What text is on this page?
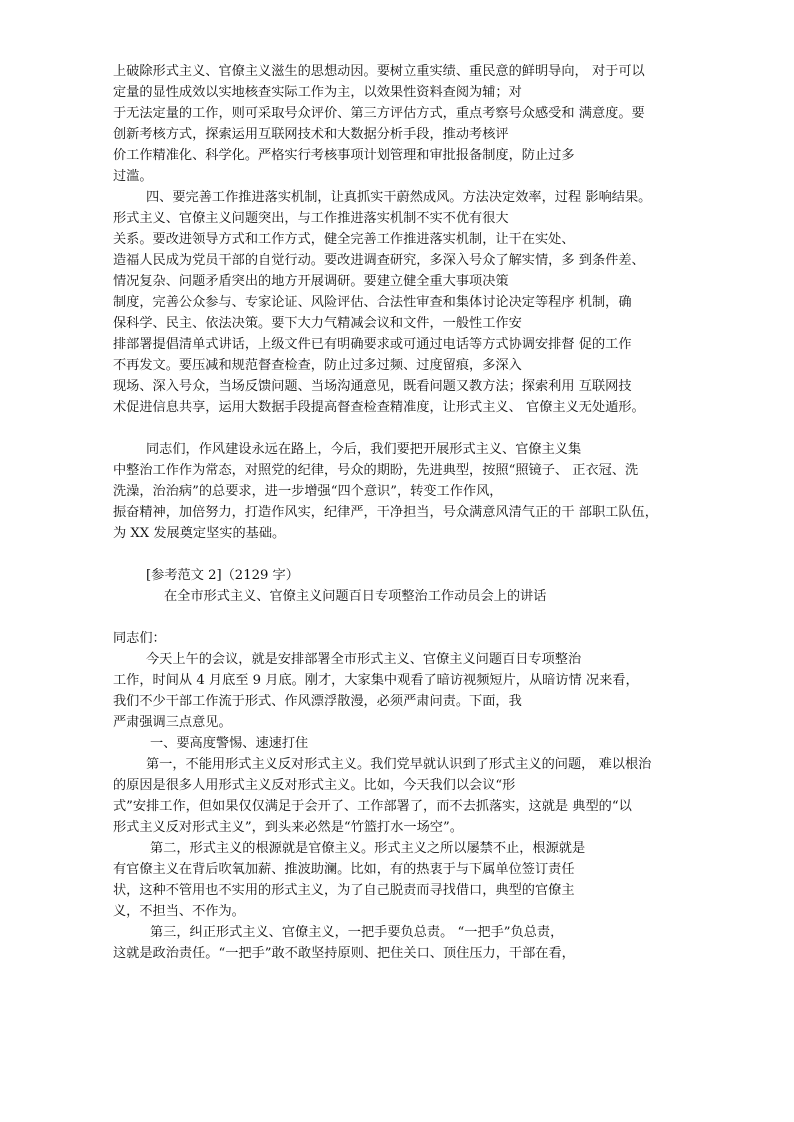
上破除形式主义、官僚主义滋生的思想动因。要树立重实绩、重民意的鲜明导向， 对于可以
定量的显性成效以实地核查实际工作为主，以效果性资料查阅为辅；对
于无法定量的工作，则可采取号众评价、第三方评估方式，重点考察号众感受和 满意度。要
创新考核方式，探索运用互联网技术和大数据分析手段，推动考核评
价工作精准化、科学化。严格实行考核事项计划管理和审批报备制度，防止过多
过滥。
四、要完善工作推进落实机制，让真抓实干蔚然成风。方法决定效率，过程 影响结果。
形式主义、官僚主义问题突出，与工作推进落实机制不实不优有很大
关系。要改进领导方式和工作方式，健全完善工作推进落实机制，让干在实处、
造福人民成为党员干部的自觉行动。要改进调查研究，多深入号众了解实情，多 到条件差、
情况复杂、问题矛盾突出的地方开展调研。要建立健全重大事项决策
制度，完善公众参与、专家论证、风险评估、合法性审查和集体讨论决定等程序 机制，确
保科学、民主、依法决策。要下大力气精减会议和文件，一般性工作安
排部署提倡清单式讲话，上级文件已有明确要求或可通过电话等方式协调安排督 促的工作
不再发文。要压减和规范督查检查，防止过多过频、过度留痕，多深入
现场、深入号众，当场反馈问题、当场沟通意见，既看问题又教方法；探索利用 互联网技
术促进信息共享，运用大数据手段提高督查检查精准度，让形式主义、 官僚主义无处遁形。
同志们，作风建设永远在路上，今后，我们要把开展形式主义、官僚主义集
中整治工作作为常态，对照党的纪律，号众的期盼，先进典型，按照“照镜子、 正衣冠、洗
洗澡，治治病”的总要求，进一步增强“四个意识”，转变工作作风，
振奋精神，加倍努力，打造作风实，纪律严，干净担当，号众满意风清气正的干 部职工队伍，
为 XX 发展奠定坚实的基础。
[参考范文 2]（2129 字）
在全市形式主义、官僚主义问题百日专项整治工作动员会上的讲话
同志们：
今天上午的会议，就是安排部署全市形式主义、官僚主义问题百日专项整治
工作，时间从 4 月底至 9 月底。刚才，大家集中观看了暗访视频短片，从暗访情 况来看，
我们不少干部工作流于形式、作风漂浮散漫，必须严肃问责。下面，我
严肃强调三点意见。
一、要高度警惕、速速打住
第一，不能用形式主义反对形式主义。我们党早就认识到了形式主义的问题， 难以根治
的原因是很多人用形式主义反对形式主义。比如，今天我们以会议“形
式”安排工作，但如果仅仅满足于会开了、工作部署了，而不去抓落实，这就是 典型的“以
形式主义反对形式主义”，到头来必然是“竹篮打水一场空”。
第二，形式主义的根源就是官僚主义。形式主义之所以屡禁不止，根源就是
有官僚主义在背后吹氧加薪、推波助澜。比如，有的热衷于与下属单位签订责任
状，这种不管用也不实用的形式主义，为了自己脱责而寻找借口，典型的官僚主
义，不担当、不作为。
第三，纠正形式主义、官僚主义，一把手要负总责。 “一把手”负总责，
这就是政治责任。“一把手”敢不敢坚持原则、把住关口、顶住压力，干部在看，
